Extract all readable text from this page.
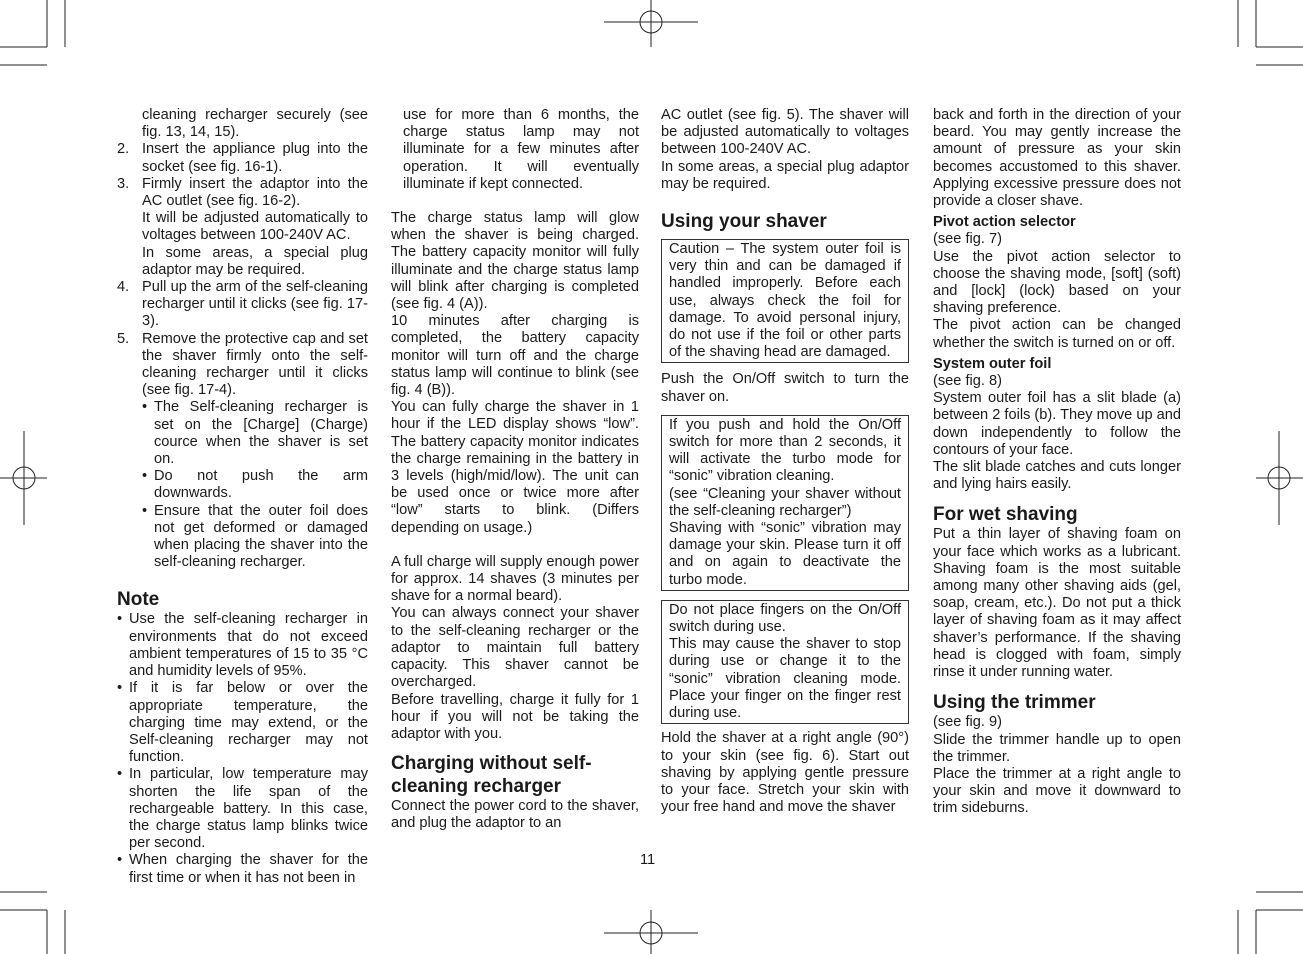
cleaning recharger securely (see fig. 13, 14, 15).

2. Insert the appliance plug into the socket (see fig. 16-1).

3. Firmly insert the adaptor into the AC outlet (see fig. 16-2).

It will be adjusted automatically to voltages between 100-240V AC.

In some areas, a special plug adaptor may be required.

4. Pull up the arm of the self-cleaning recharger until it clicks (see fig. 17-3).

5. Remove the protective cap and set the shaver firmly onto the self-cleaning recharger until it clicks (see fig. 17-4).

• The Self-cleaning recharger is set on the [Charge] (Charge) cource when the shaver is set on.

• Do not push the arm downwards.

• Ensure that the outer foil does not get deformed or damaged when placing the shaver into the self-cleaning recharger.

Note

• Use the self-cleaning recharger in environments that do not exceed ambient temperatures of 15 to 35 °C and humidity levels of 95%.

• If it is far below or over the appropriate temperature, the charging time may extend, or the Self-cleaning recharger may not function.

• In particular, low temperature may shorten the life span of the rechargeable battery. In this case, the charge status lamp blinks twice per second.

• When charging the shaver for the first time or when it has not been in

use for more than 6 months, the charge status lamp may not illuminate for a few minutes after operation. It will eventually illuminate if kept connected.

The charge status lamp will glow when the shaver is being charged. The battery capacity monitor will fully illuminate and the charge status lamp will blink after charging is completed (see fig. 4 (A)).

10 minutes after charging is completed, the battery capacity monitor will turn off and the charge status lamp will continue to blink (see fig. 4 (B)).

You can fully charge the shaver in 1 hour if the LED display shows “low”. The battery capacity monitor indicates the charge remaining in the battery in 3 levels (high/mid/low). The unit can be used once or twice more after “low” starts to blink. (Differs depending on usage.)

A full charge will supply enough power for approx. 14 shaves (3 minutes per shave for a normal beard).

You can always connect your shaver to the self-cleaning recharger or the adaptor to maintain full battery capacity. This shaver cannot be overcharged.

Before travelling, charge it fully for 1 hour if you will not be taking the adaptor with you.

Charging without self-
cleaning recharger

Connect the power cord to the shaver, and plug the adaptor to an

AC outlet (see fig. 5). The shaver will be adjusted automatically to voltages between 100-240V AC.

In some areas, a special plug adaptor may be required.

Using your shaver

Caution – The system outer foil is very thin and can be damaged if handled improperly. Before each use, always check the foil for damage. To avoid personal injury, do not use if the foil or other parts of the shaving head are damaged.

Push the On/Off switch to turn the shaver on.

If you push and hold the On/Off switch for more than 2 seconds, it will activate the turbo mode for “sonic” vibration cleaning.

(see “Cleaning your shaver without the self-cleaning recharger”)

Shaving with “sonic” vibration may damage your skin. Please turn it off and on again to deactivate the turbo mode.

Do not place fingers on the On/Off switch during use.

This may cause the shaver to stop during use or change it to the “sonic” vibration cleaning mode. Place your finger on the finger rest during use.

Hold the shaver at a right angle (90°) to your skin (see fig. 6). Start out shaving by applying gentle pressure to your face. Stretch your skin with your free hand and move the shaver

back and forth in the direction of your beard. You may gently increase the amount of pressure as your skin becomes accustomed to this shaver. Applying excessive pressure does not provide a closer shave.

Pivot action selector

(see fig. 7)

Use the pivot action selector to choose the shaving mode, [soft] (soft) and [lock] (lock) based on your shaving preference.

The pivot action can be changed whether the switch is turned on or off.

System outer foil

(see fig. 8)

System outer foil has a slit blade (a) between 2 foils (b). They move up and down independently to follow the contours of your face.

The slit blade catches and cuts longer and lying hairs easily.

For wet shaving

Put a thin layer of shaving foam on your face which works as a lubricant. Shaving foam is the most suitable among many other shaving aids (gel, soap, cream, etc.). Do not put a thick layer of shaving foam as it may affect shaver’s performance. If the shaving head is clogged with foam, simply rinse it under running water.

Using the trimmer

(see fig. 9)

Slide the trimmer handle up to open the trimmer.

Place the trimmer at a right angle to your skin and move it downward to trim sideburns.

11
